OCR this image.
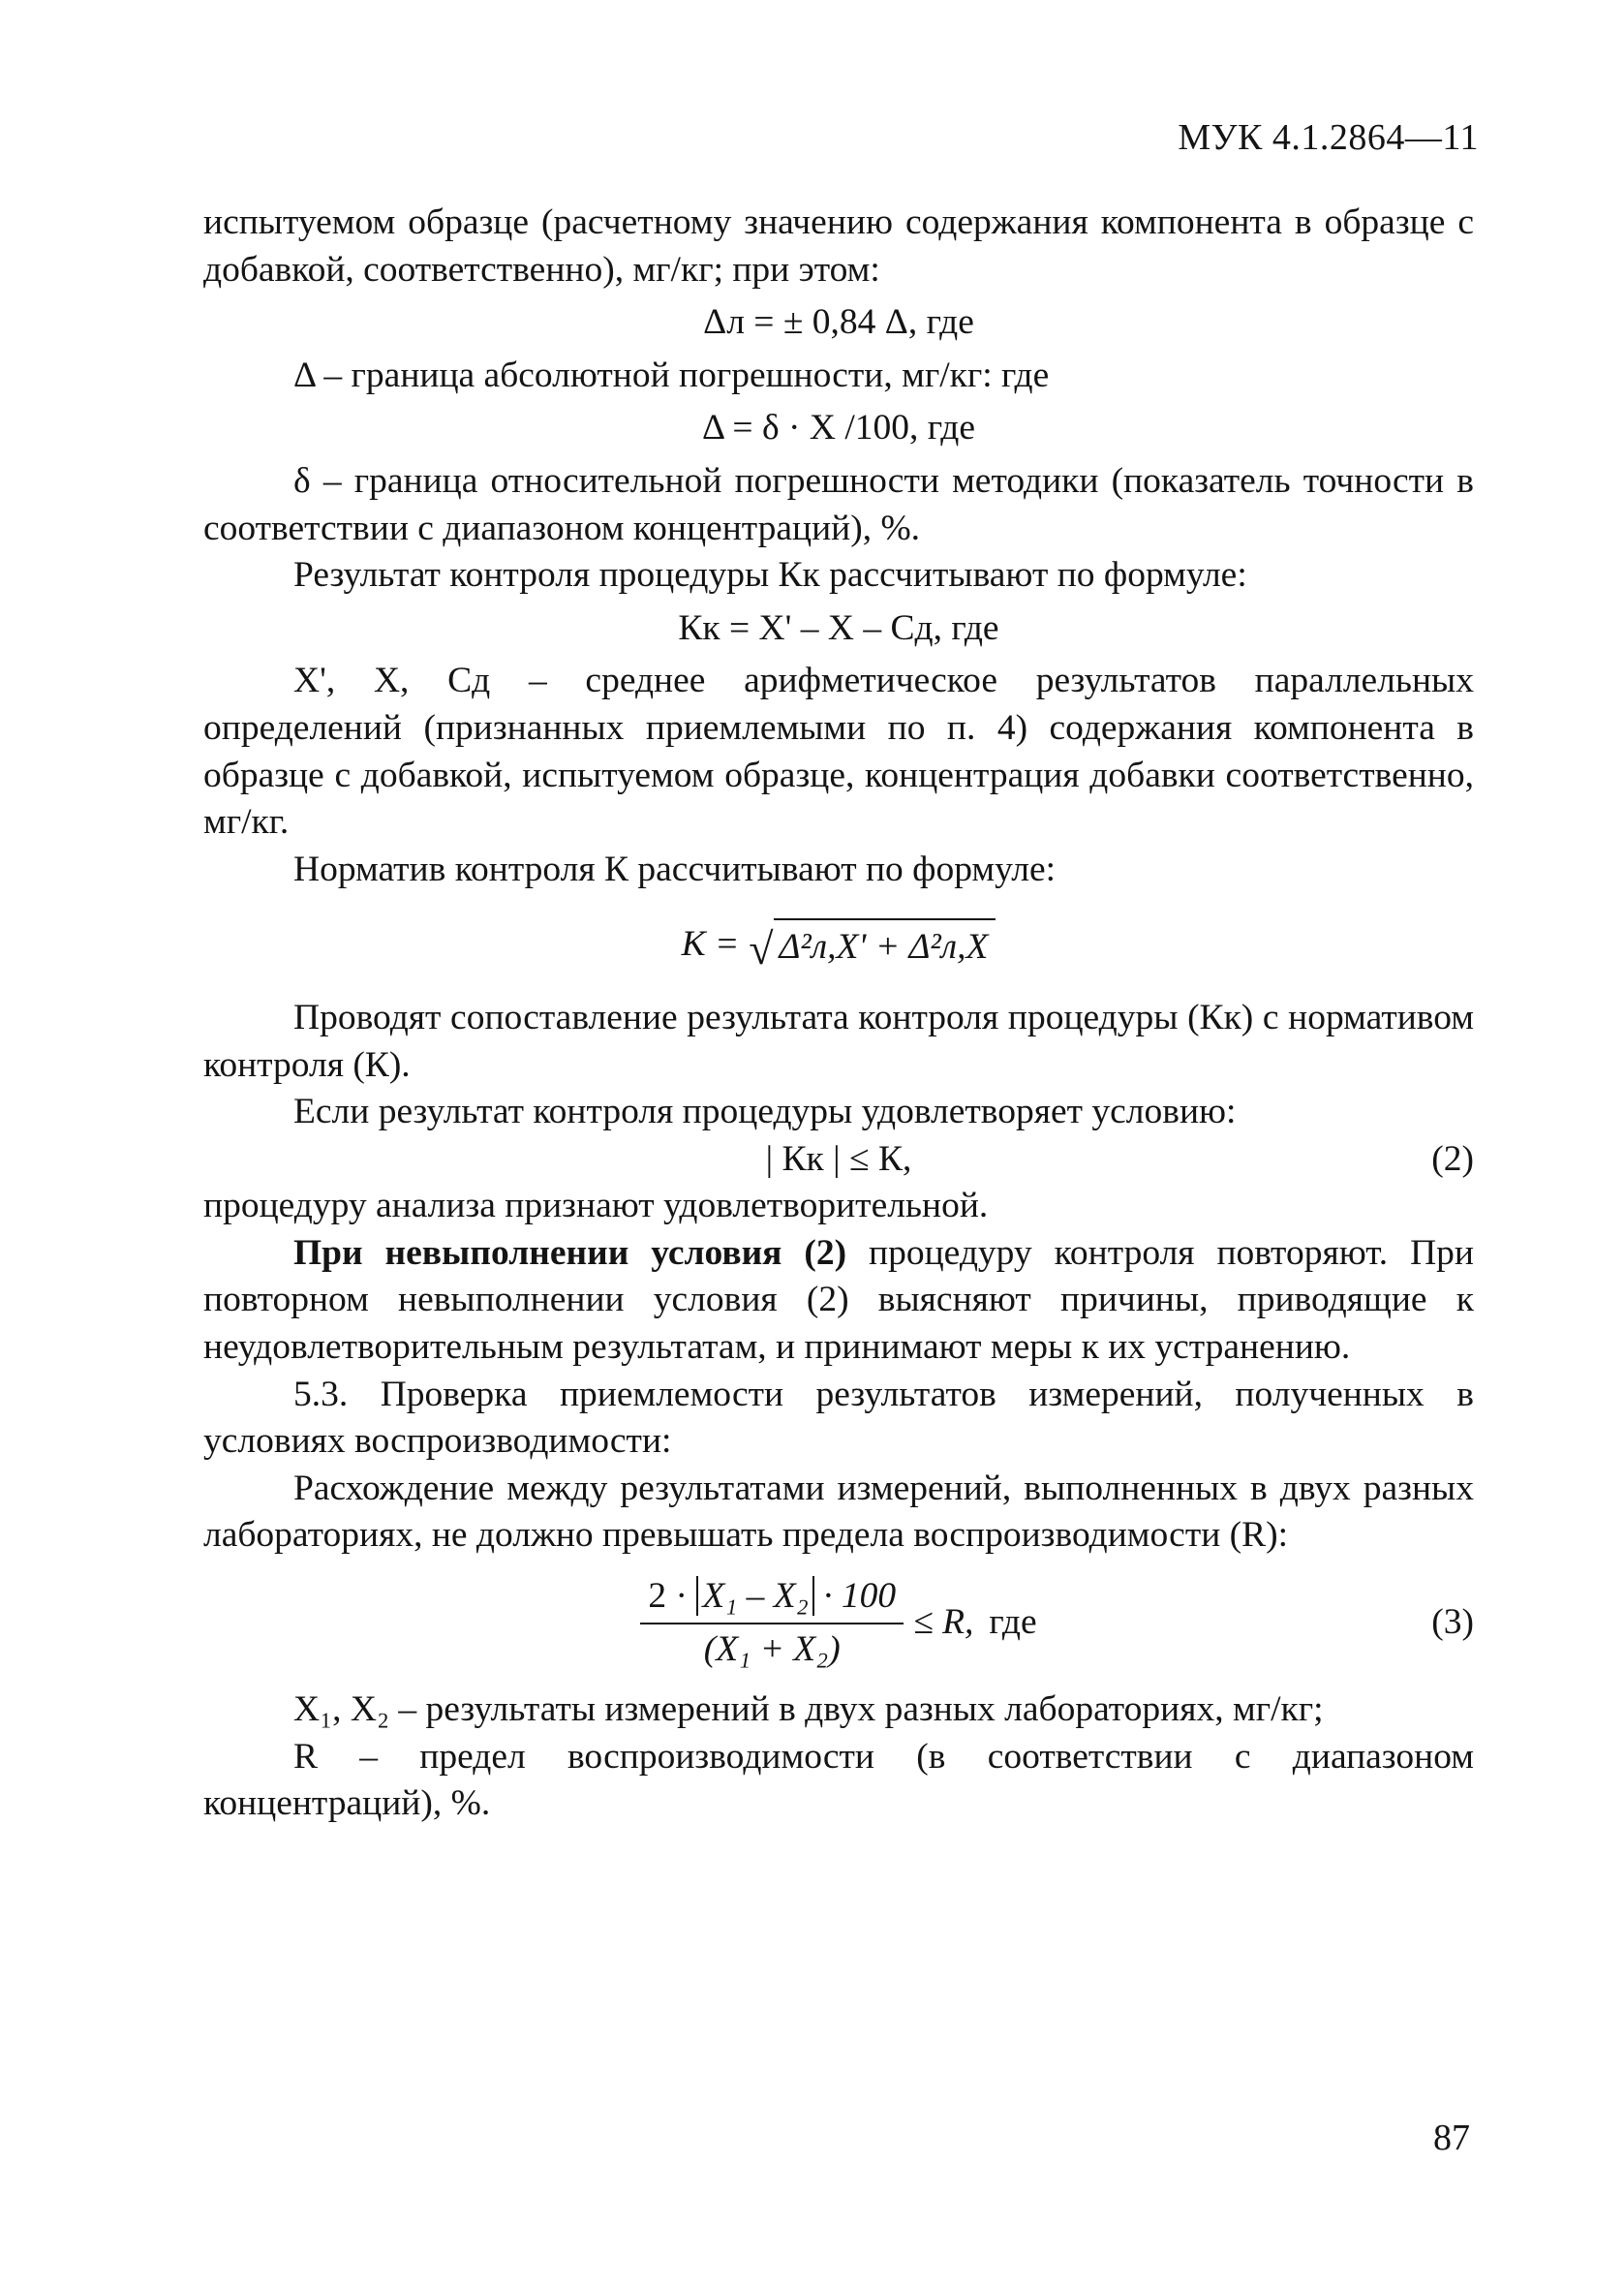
МУК 4.1.2864—11

испытуемом образце (расчетному значению содержания компонента в образце с добавкой, соответственно), мг/кг; при этом:

Δл = ± 0,84 Δ, где

Δ – граница абсолютной погрешности, мг/кг: где

Δ = δ · X /100, где

δ – граница относительной погрешности методики (показатель точности в соответствии с диапазоном концентраций), %.

Результат контроля процедуры Кк рассчитывают по формуле:

Кк = X' – X – Сд, где

X', X, Сд – среднее арифметическое результатов параллельных определений (признанных приемлемыми по п. 4) содержания компонента в образце с добавкой, испытуемом образце, концентрация добавки соответственно, мг/кг.

Норматив контроля К рассчитывают по формуле:

K = √ Δ²л,X' + Δ²л,X

Проводят сопоставление результата контроля процедуры (Кк) с нормативом контроля (К).

Если результат контроля процедуры удовлетворяет условию:

| Кк | ≤ К,	(2)

процедуру анализа признают удовлетворительной.

При невыполнении условия (2) процедуру контроля повторяют. При повторном невыполнении условия (2) выясняют причины, приводящие к неудовлетворительным результатам, и принимают меры к их устранению.

5.3. Проверка приемлемости результатов измерений, полученных в условиях воспроизводимости:

Расхождение между результатами измерений, выполненных в двух разных лабораториях, не должно превышать предела воспроизводимости (R):

$\frac{\text{2 · X₁ – X₂ · 100}}{\text{(X₁ + X₂)}} \le R$, где	(3)

X₁, X₂ – результаты измерений в двух разных лабораториях, мг/кг;

R – предел воспроизводимости (в соответствии с диапазоном концентраций), %.

87
